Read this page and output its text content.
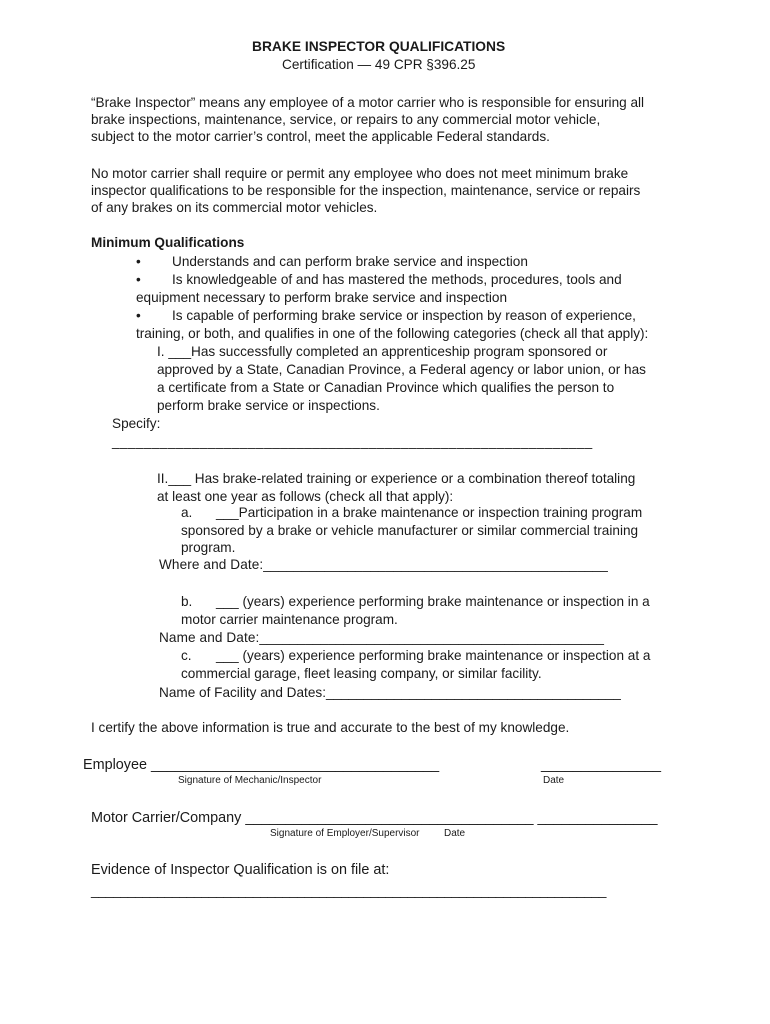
BRAKE INSPECTOR QUALIFICATIONS
Certification — 49 CPR §396.25
“Brake Inspector” means any employee of a motor carrier who is responsible for ensuring all
brake inspections, maintenance, service, or repairs to any commercial motor vehicle,
subject to the motor carrier’s control, meet the applicable Federal standards.
No motor carrier shall require or permit any employee who does not meet minimum brake
inspector qualifications to be responsible for the inspection, maintenance, service or repairs
of any brakes on its commercial motor vehicles.
Minimum Qualifications
• Understands and can perform brake service and inspection
• Is knowledgeable of and has mastered the methods, procedures, tools and
equipment necessary to perform brake service and inspection
• Is capable of performing brake service or inspection by reason of experience,
training, or both, and qualifies in one of the following categories (check all that apply):
I. ___Has successfully completed an apprenticeship program sponsored or
approved by a State, Canadian Province, a Federal agency or labor union, or has
a certificate from a State or Canadian Province which qualifies the person to
perform brake service or inspections.
Specify:
____________________________________________________________
II.___ Has brake-related training or experience or a combination thereof totaling
at least one year as follows (check all that apply):
a. ___Participation in a brake maintenance or inspection training program
sponsored by a brake or vehicle manufacturer or similar commercial training
program.
Where and Date:_____________________________________________
b. ___ (years) experience performing brake maintenance or inspection in a
motor carrier maintenance program.
Name and Date:_____________________________________________
c. ___ (years) experience performing brake maintenance or inspection at a
commercial garage, fleet leasing company, or similar facility.
Name of Facility and Dates:_______________________________________
I certify the above information is true and accurate to the best of my knowledge.
Employee ____________________________________	_______________
Signature of Mechanic/Inspector	Date
Motor Carrier/Company ____________________________________ _______________
Signature of Employer/Supervisor Date
Evidence of Inspector Qualification is on file at:
______________________________________________________________________
